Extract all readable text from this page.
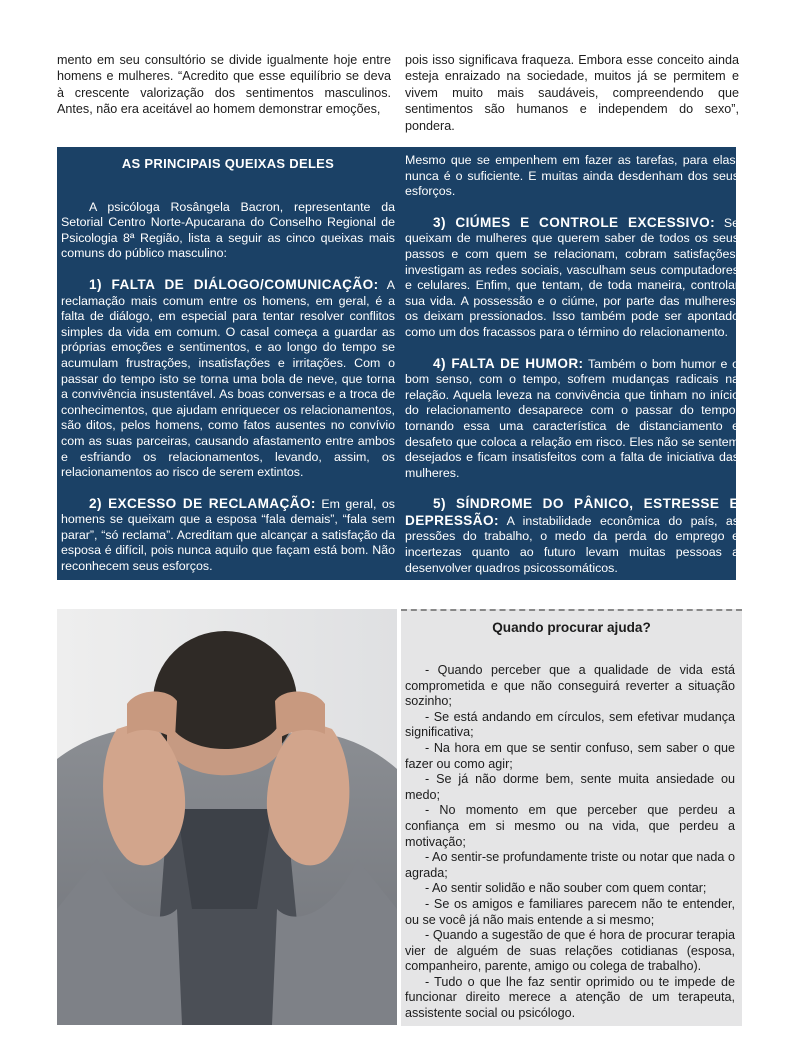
mento em seu consultório se divide igualmente hoje entre homens e mulheres. “Acredito que esse equilíbrio se deva à crescente valorização dos sentimentos masculinos. Antes, não era aceitável ao homem demonstrar emoções,
pois isso significava fraqueza. Embora esse conceito ainda esteja enraizado na sociedade, muitos já se permitem e vivem muito mais saudáveis, compreendendo que sentimentos são humanos e independem do sexo”, pondera.
AS PRINCIPAIS QUEIXAS DELES

A psicóloga Rosângela Bacron, representante da Setorial Centro Norte-Apucarana do Conselho Regional de Psicologia 8ª Região, lista a seguir as cinco queixas mais comuns do público masculino:

1) FALTA DE DIÁLOGO/COMUNICAÇÃO: A reclamação mais comum entre os homens, em geral, é a falta de diálogo, em especial para tentar resolver conflitos simples da vida em comum. O casal começa a guardar as próprias emoções e sentimentos, e ao longo do tempo se acumulam frustrações, insatisfações e irritações. Com o passar do tempo isto se torna uma bola de neve, que torna a convivência insustentável. As boas conversas e a troca de conhecimentos, que ajudam enriquecer os relacionamentos, são ditos, pelos homens, como fatos ausentes no convívio com as suas parceiras, causando afastamento entre ambos e esfriando os relacionamentos, levando, assim, os relacionamentos ao risco de serem extintos.

2) EXCESSO DE RECLAMAÇÃO: Em geral, os homens se queixam que a esposa “fala demais”, “fala sem parar”, “só reclama”. Acreditam que alcançar a satisfação da esposa é difícil, pois nunca aquilo que façam está bom. Não reconhecem seus esforços.

Mesmo que se empenhem em fazer as tarefas, para elas, nunca é o suficiente. E muitas ainda desdenham dos seus esforços.

3) CIÚMES E CONTROLE EXCESSIVO: Se queixam de mulheres que querem saber de todos os seus passos e com quem se relacionam, cobram satisfações, investigam as redes sociais, vasculham seus computadores e celulares. Enfim, que tentam, de toda maneira, controlar sua vida. A possessão e o ciúme, por parte das mulheres, os deixam pressionados. Isso também pode ser apontado como um dos fracassos para o término do relacionamento.

4) FALTA DE HUMOR: Também o bom humor e o bom senso, com o tempo, sofrem mudanças radicais na relação. Aquela leveza na convivência que tinham no início do relacionamento desaparece com o passar do tempo, tornando essa uma característica de distanciamento e desafeto que coloca a relação em risco. Eles não se sentem desejados e ficam insatisfeitos com a falta de iniciativa das mulheres.

5) SÍNDROME DO PÂNICO, ESTRESSE E DEPRESSÃO: A instabilidade econômica do país, as pressões do trabalho, o medo da perda do emprego e incertezas quanto ao futuro levam muitas pessoas a desenvolver quadros psicossomáticos.

Quando procurar ajuda?
- Quando perceber que a qualidade de vida está comprometida e que não conseguirá reverter a situação sozinho;
- Se está andando em círculos, sem efetivar mudança significativa;
- Na hora em que se sentir confuso, sem saber o que fazer ou como agir;
- Se já não dorme bem, sente muita ansiedade ou medo;
- No momento em que perceber que perdeu a confiança em si mesmo ou na vida, que perdeu a motivação;
- Ao sentir-se profundamente triste ou notar que nada o agrada;
- Ao sentir solidão e não souber com quem contar;
- Se os amigos e familiares parecem não te entender, ou se você já não mais entende a si mesmo;
- Quando a sugestão de que é hora de procurar terapia vier de alguém de suas relações cotidianas (esposa, companheiro, parente, amigo ou colega de trabalho).
- Tudo o que lhe faz sentir oprimido ou te impede de funcionar direito merece a atenção de um terapeuta, assistente social ou psicólogo.
